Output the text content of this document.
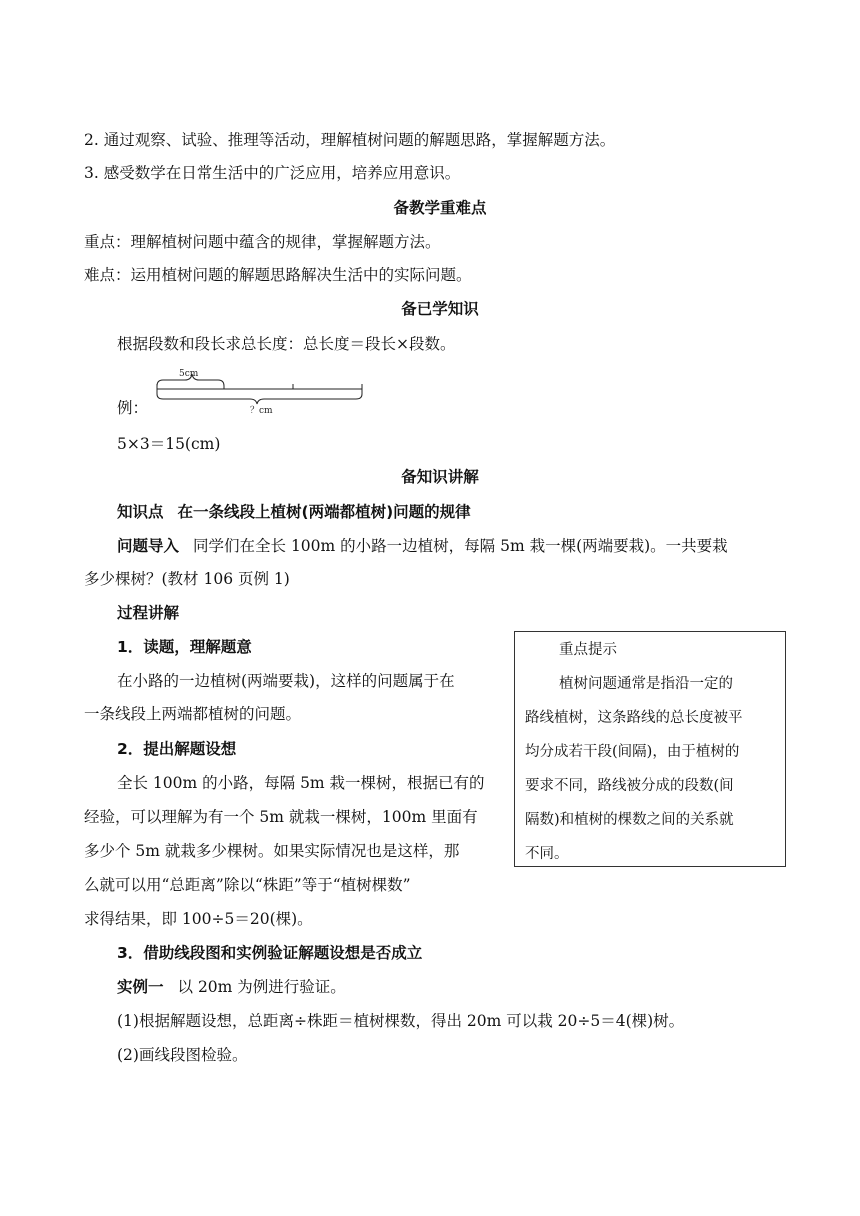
2. 通过观察、试验、推理等活动，理解植树问题的解题思路，掌握解题方法。
3. 感受数学在日常生活中的广泛应用，培养应用意识。
备教学重难点
重点：理解植树问题中蕴含的规律，掌握解题方法。
难点：运用植树问题的解题思路解决生活中的实际问题。
备已学知识
根据段数和段长求总长度：总长度＝段长×段数。
例：
5cm
？cm
5×3＝15(cm)
备知识讲解
知识点 在一条线段上植树(两端都植树)问题的规律
问题导入 同学们在全长 100m 的小路一边植树，每隔 5m 栽一棵(两端要栽)。一共要栽
多少棵树？(教材 106 页例 1)
过程讲解
1．读题，理解题意
在小路的一边植树(两端要栽)，这样的问题属于在
一条线段上两端都植树的问题。
2．提出解题设想
全长 100m 的小路，每隔 5m 栽一棵树，根据已有的
经验，可以理解为有一个 5m 就栽一棵树，100m 里面有
多少个 5m 就栽多少棵树。如果实际情况也是这样，那
么就可以用“总距离”除以“株距”等于“植树棵数”
求得结果，即 100÷5＝20(棵)。
3．借助线段图和实例验证解题设想是否成立
实例一 以 20m 为例进行验证。
(1)根据解题设想，总距离÷株距＝植树棵数，得出 20m 可以栽 20÷5＝4(棵)树。
(2)画线段图检验。
重点提示
植树问题通常是指沿一定的
路线植树，这条路线的总长度被平
均分成若干段(间隔)，由于植树的
要求不同，路线被分成的段数(间
隔数)和植树的棵数之间的关系就
不同。
